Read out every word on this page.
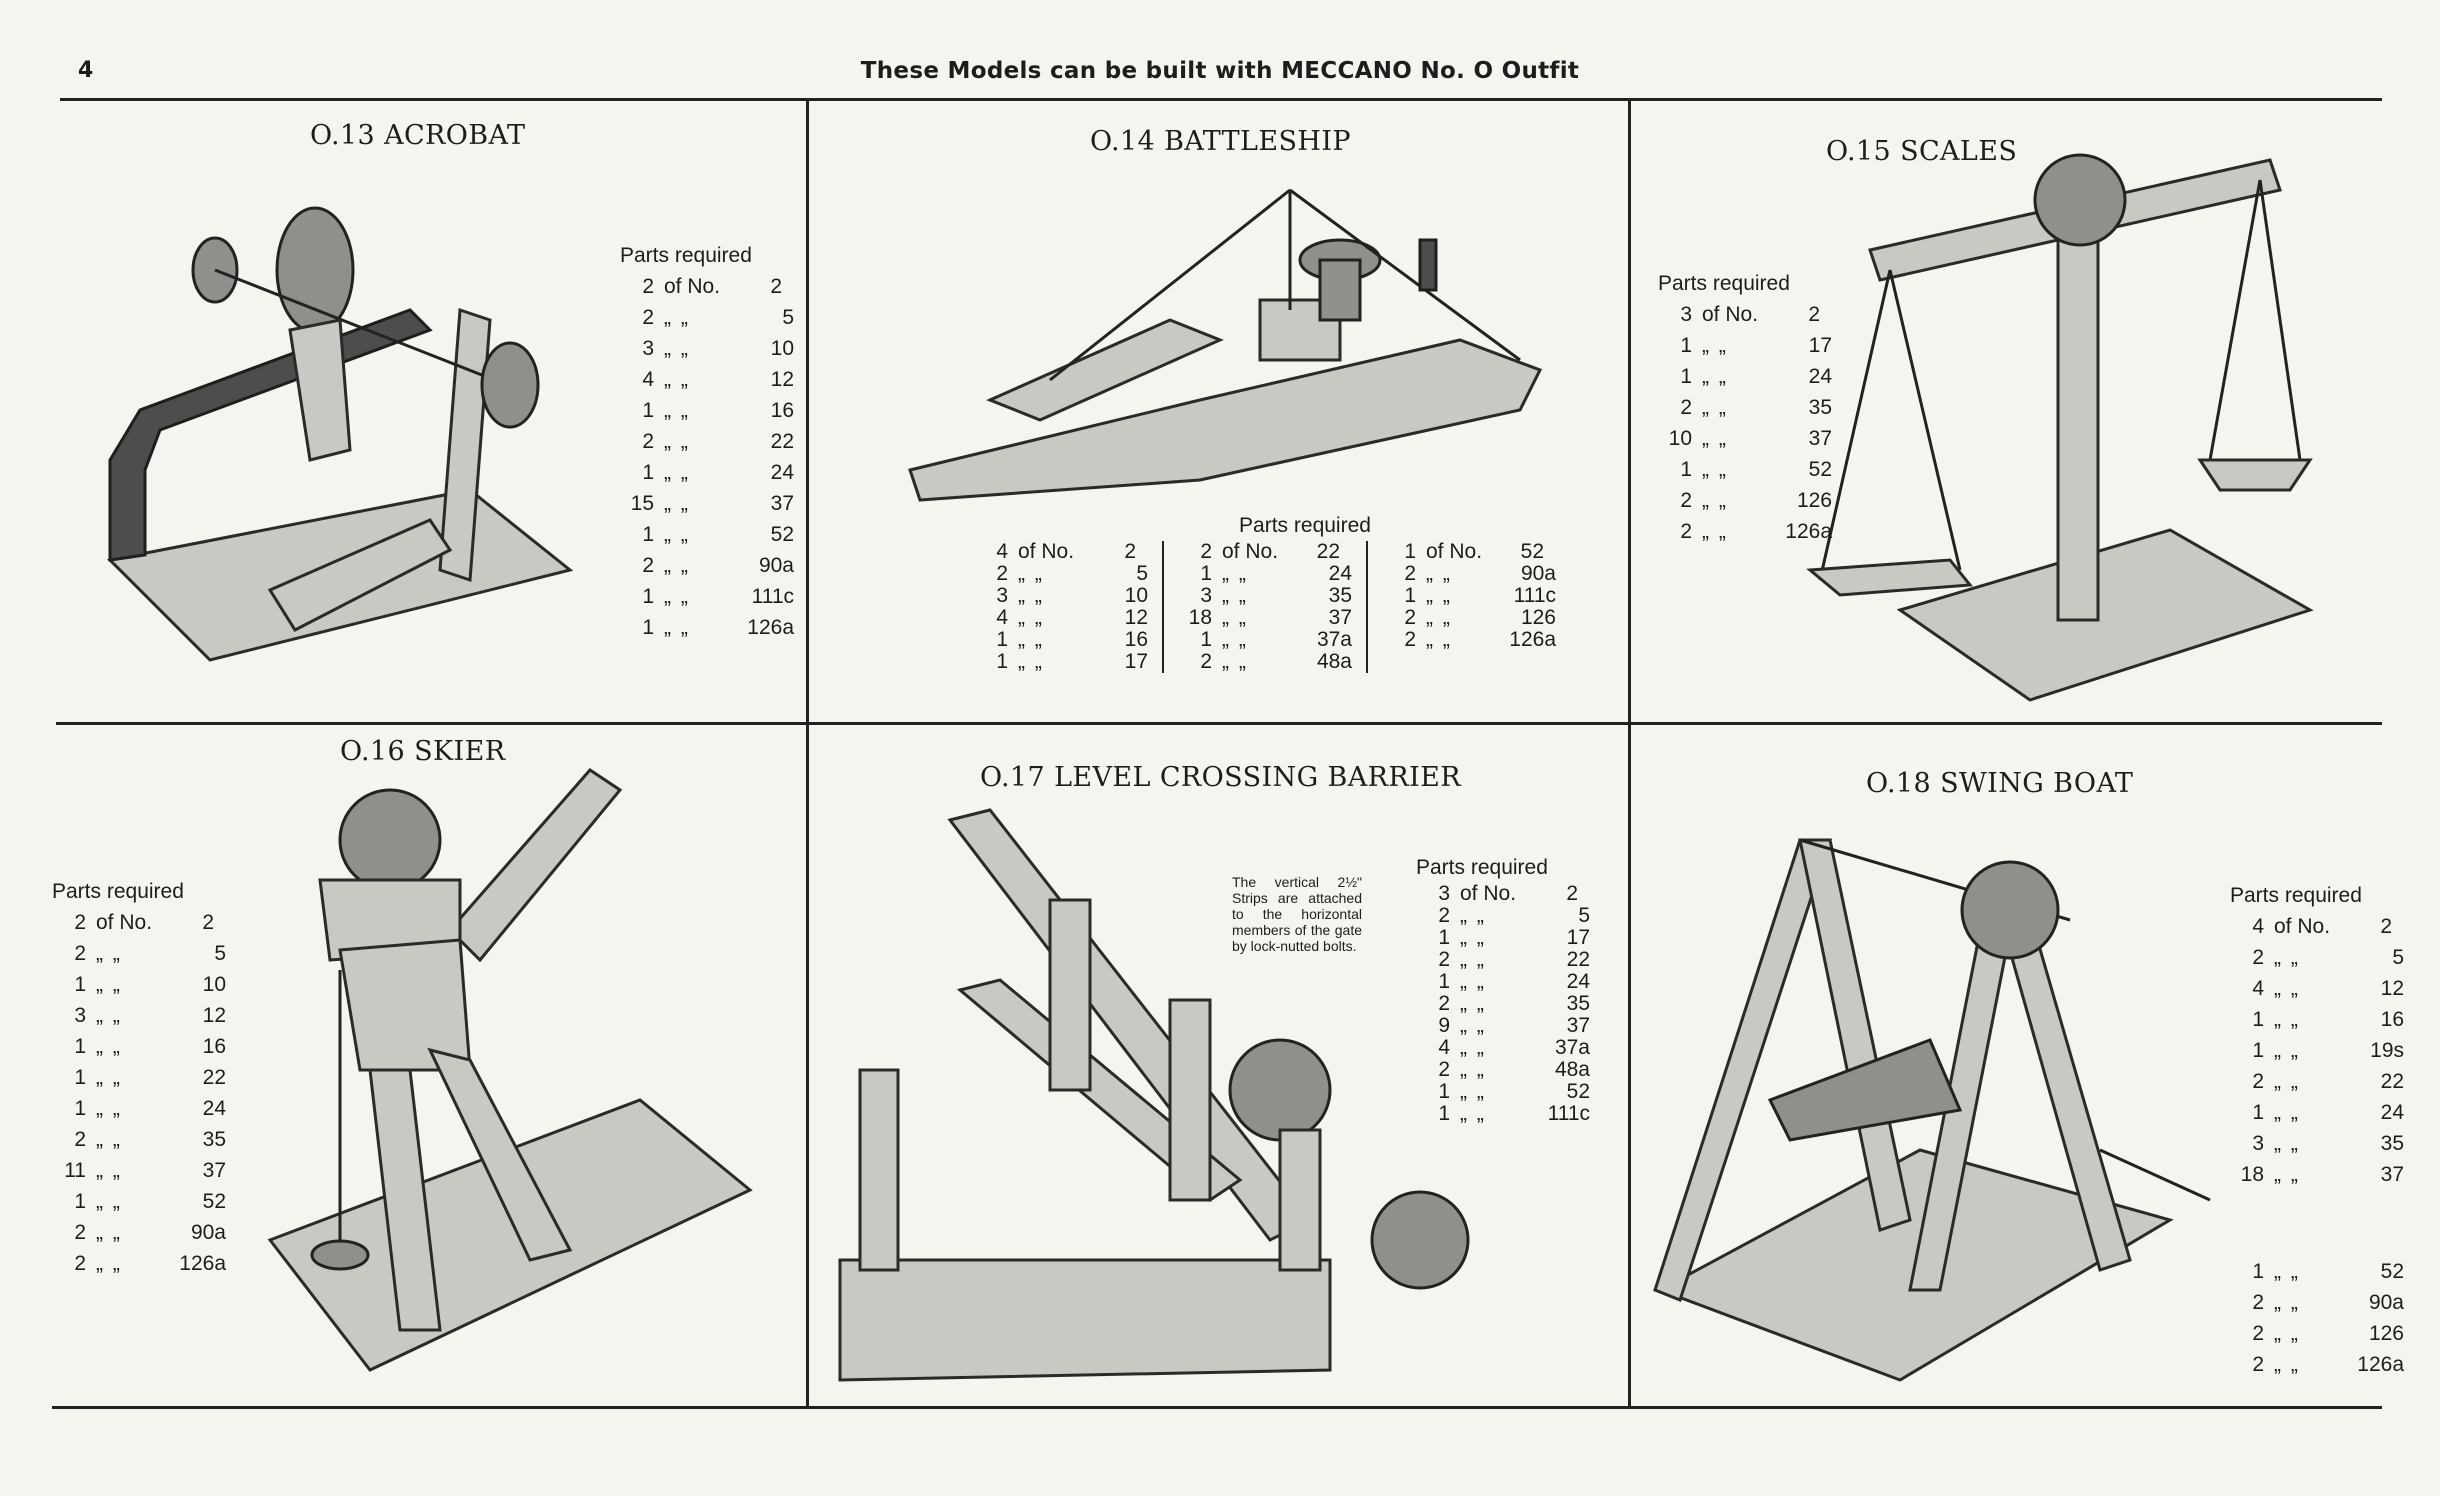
4	These Models can be built with MECCANO No. O Outfit
O.13 ACROBAT
Parts required
2 of No.	2
2 „ „	5
3 „ „	10
4 „ „	12
1 „ „	16
2 „ „	22
1 „ „	24
15 „ „	37
1 „ „	52
2 „ „	90a
1 „ „	111c
1 „ „	126a
O.14 BATTLESHIP
Parts required
4 of No.	2
2 „ „	5
3 „ „	10
4 „ „	12
1 „ „	16
1 „ „	17
2 of No.	22
1 „ „	24
3 „ „	35
18 „ „	37
1 „ „	37a
2 „ „	48a
1 of No.	52
2 „ „	90a
1 „ „	111c
2 „ „	126
2 „ „	126a
O.15 SCALES
Parts required
3 of No.	2
1 „ „	17
1 „ „	24
2 „ „	35
10 „ „	37
1 „ „	52
2 „ „	126
2 „ „	126a
O.16 SKIER
Parts required
2 of No.	2
2 „ „	5
1 „ „	10
3 „ „	12
1 „ „	16
1 „ „	22
1 „ „	24
2 „ „	35
11 „ „	37
1 „ „	52
2 „ „	90a
2 „ „	126a
O.17 LEVEL CROSSING BARRIER
The vertical 2½" Strips are attached to the horizontal members of the gate by lock-nutted bolts.
Parts required
3 of No.	2
2 „ „	5
1 „ „	17
2 „ „	22
1 „ „	24
2 „ „	35
9 „ „	37
4 „ „	37a
2 „ „	48a
1 „ „	52
1 „ „	111c
O.18 SWING BOAT
Parts required
4 of No.	2
2 „ „	5
4 „ „	12
1 „ „	16
1 „ „	19s
2 „ „	22
1 „ „	24
3 „ „	35
18 „ „	37
1 „ „	52
2 „ „	90a
2 „ „	126
2 „ „	126a
